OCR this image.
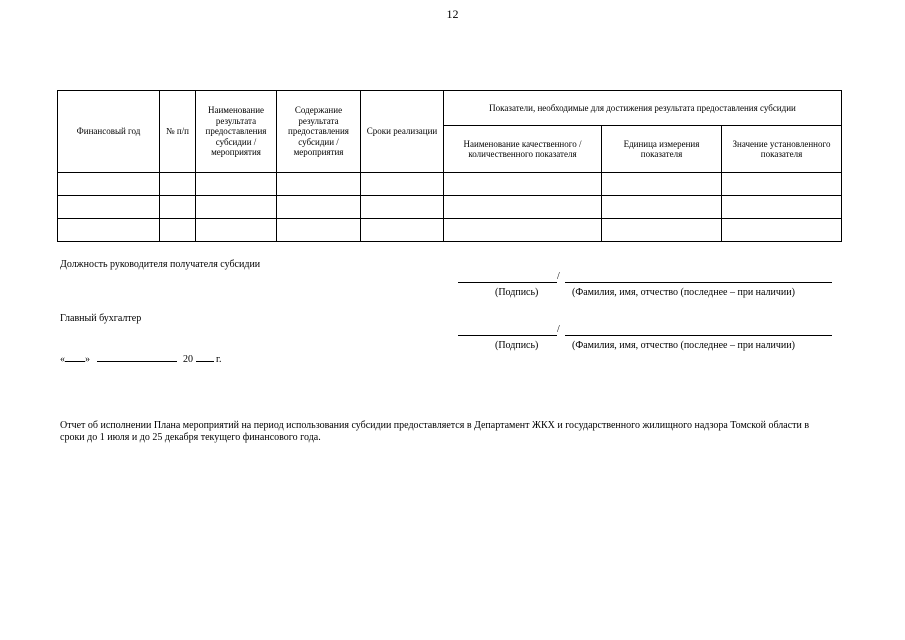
12
Финансовый год	№ п/п	Наименование результата предоставления субсидии / мероприятия	Содержание результата предоставления субсидии / мероприятия	Сроки реализации	Показатели, необходимые для достижения результата предоставления субсидии		
					Наименование качественного / количественного показателя	Единица измерения показателя	Значение установленного показателя

Должность руководителя получателя субсидии
/
(Подпись)	(Фамилия, имя, отчество (последнее – при наличии)
Главный бухгалтер
/
(Подпись)	(Фамилия, имя, отчество (последнее – при наличии)
« »	20 г.
Отчет об исполнении Плана мероприятий на период использования субсидии предоставляется в Департамент ЖКХ и государственного жилищного надзора Томской области в сроки до 1 июля и до 25 декабря текущего финансового года.
